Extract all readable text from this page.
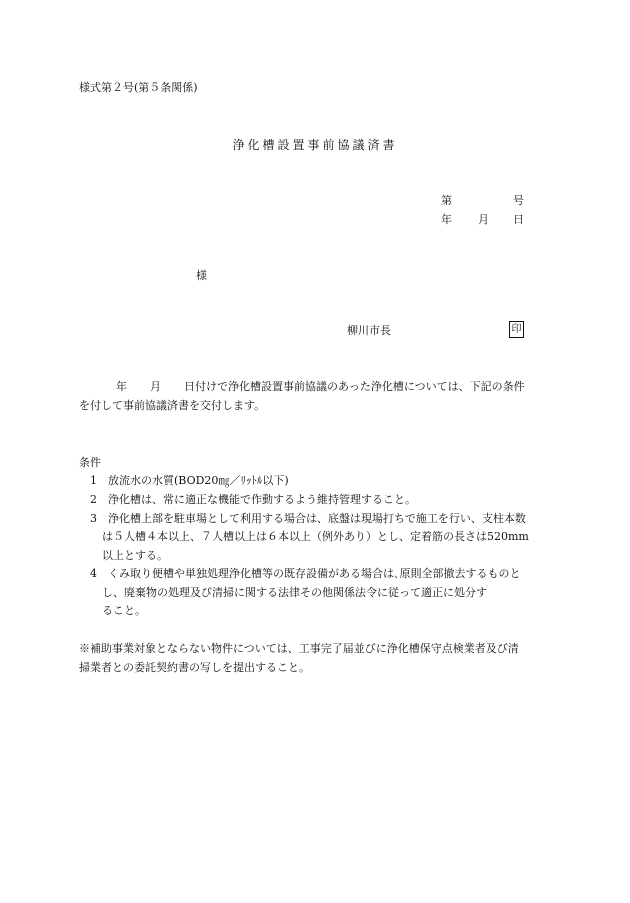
様式第２号(第５条関係)
浄化槽設置事前協議済書
第	号
年 月 日
様
柳川市長	印
年 月 日付けで浄化槽設置事前協議のあった浄化槽については、下記の条件
を付して事前協議済書を交付します。
条件
1 放流水の水質(BOD20㎎／ﾘｯﾄﾙ以下)
2 浄化槽は、常に適正な機能で作動するよう維持管理すること。
3 浄化槽上部を駐車場として利用する場合は、底盤は現場打ちで施工を行い、支柱本数
は５人槽４本以上、７人槽以上は６本以上（例外あり）とし、定着筋の長さは520mm
以上とする。
4 くみ取り便槽や単独処理浄化槽等の既存設備がある場合は､原則全部撤去するものと
し、廃棄物の処理及び清掃に関する法律その他関係法令に従って適正に処分す
ること。
※補助事業対象とならない物件については、工事完了届並びに浄化槽保守点検業者及び清
掃業者との委託契約書の写しを提出すること。
